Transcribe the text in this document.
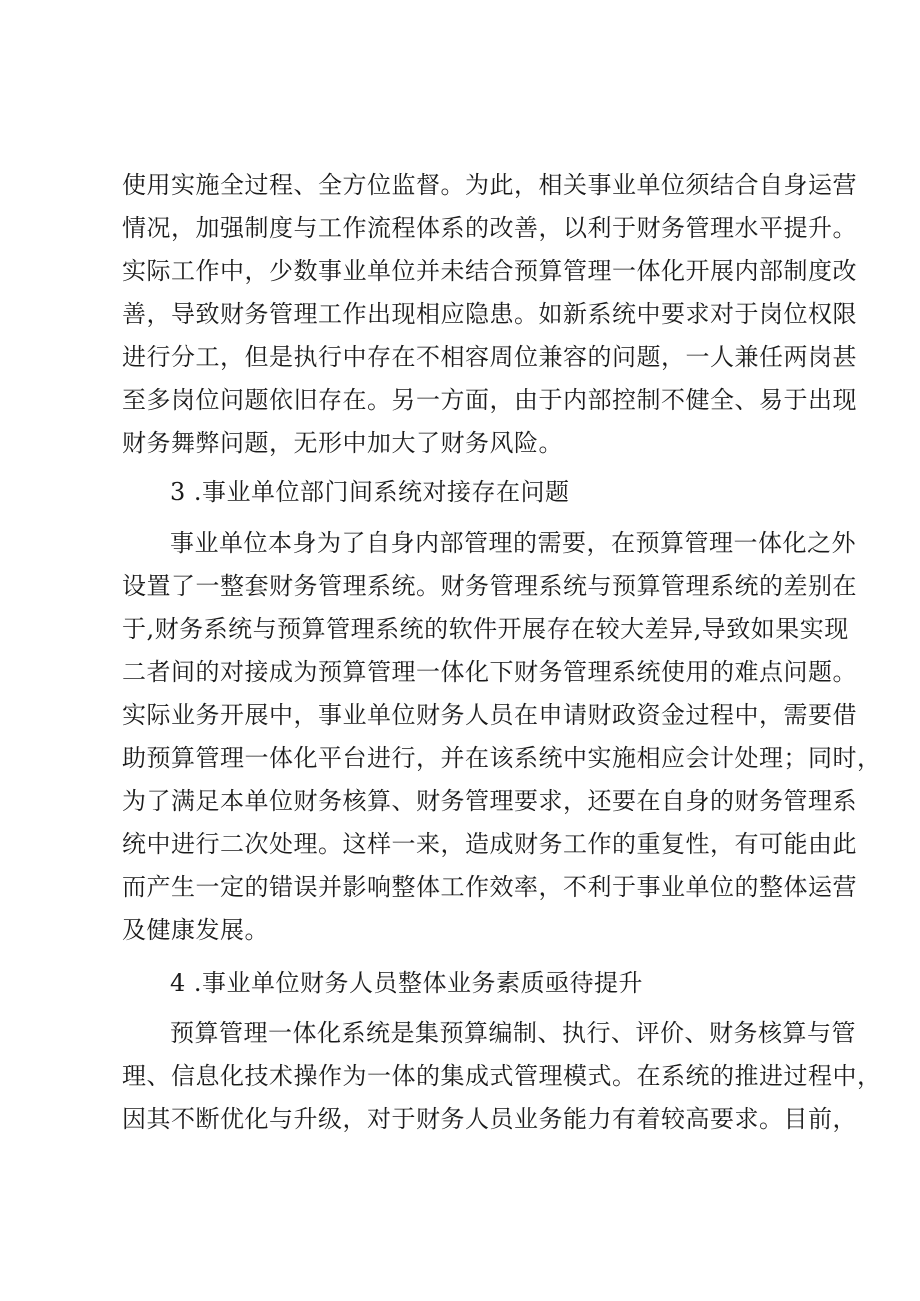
使用实施全过程、全方位监督。为此，相关事业单位须结合自身运营
情况，加强制度与工作流程体系的改善，以利于财务管理水平提升。
实际工作中，少数事业单位并未结合预算管理一体化开展内部制度改
善，导致财务管理工作出现相应隐患。如新系统中要求对于岗位权限
进行分工，但是执行中存在不相容周位兼容的问题，一人兼任两岗甚
至多岗位问题依旧存在。另一方面，由于内部控制不健全、易于出现
财务舞弊问题，无形中加大了财务风险。
3 .事业单位部门间系统对接存在问题
事业单位本身为了自身内部管理的需要，在预算管理一体化之外
设置了一整套财务管理系统。财务管理系统与预算管理系统的差别在
于,财务系统与预算管理系统的软件开展存在较大差异,导致如果实现
二者间的对接成为预算管理一体化下财务管理系统使用的难点问题。
实际业务开展中，事业单位财务人员在申请财政资金过程中，需要借
助预算管理一体化平台进行，并在该系统中实施相应会计处理；同时，
为了满足本单位财务核算、财务管理要求，还要在自身的财务管理系
统中进行二次处理。这样一来，造成财务工作的重复性，有可能由此
而产生一定的错误并影响整体工作效率，不利于事业单位的整体运营
及健康发展。
4 .事业单位财务人员整体业务素质亟待提升
预算管理一体化系统是集预算编制、执行、评价、财务核算与管
理、信息化技术操作为一体的集成式管理模式。在系统的推进过程中，
因其不断优化与升级，对于财务人员业务能力有着较高要求。目前，
